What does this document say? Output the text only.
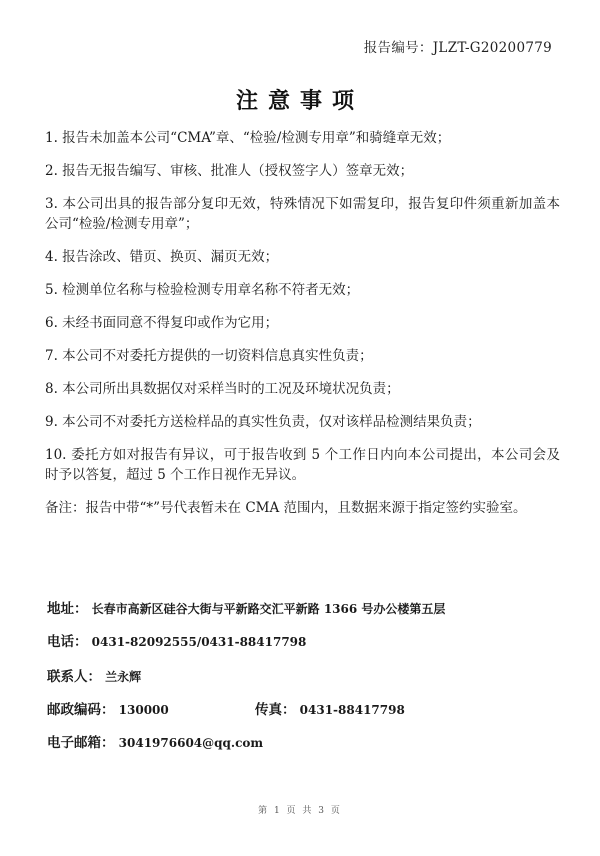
报告编号：JLZT-G20200779
注意事项

1. 报告未加盖本公司“CMA”章、“检验/检测专用章”和骑缝章无效；

2. 报告无报告编写、审核、批准人（授权签字人）签章无效；

3. 本公司出具的报告部分复印无效，特殊情况下如需复印，报告复印件须重新加盖本公司“检验/检测专用章”；

4. 报告涂改、错页、换页、漏页无效；

5. 检测单位名称与检验检测专用章名称不符者无效；

6. 未经书面同意不得复印或作为它用；

7. 本公司不对委托方提供的一切资料信息真实性负责；

8. 本公司所出具数据仅对采样当时的工况及环境状况负责；

9. 本公司不对委托方送检样品的真实性负责，仅对该样品检测结果负责；

10. 委托方如对报告有异议，可于报告收到 5 个工作日内向本公司提出，本公司会及时予以答复，超过 5 个工作日视作无异议。

备注：报告中带“*”号代表暂未在 CMA 范围内，且数据来源于指定签约实验室。

地址： 长春市高新区硅谷大街与平新路交汇平新路 1366 号办公楼第五层
电话： 0431-82092555/0431-88417798
联系人： 兰永辉
邮政编码： 130000	传真： 0431-88417798
电子邮箱： 3041976604@qq.com
第 1 页 共 3 页
